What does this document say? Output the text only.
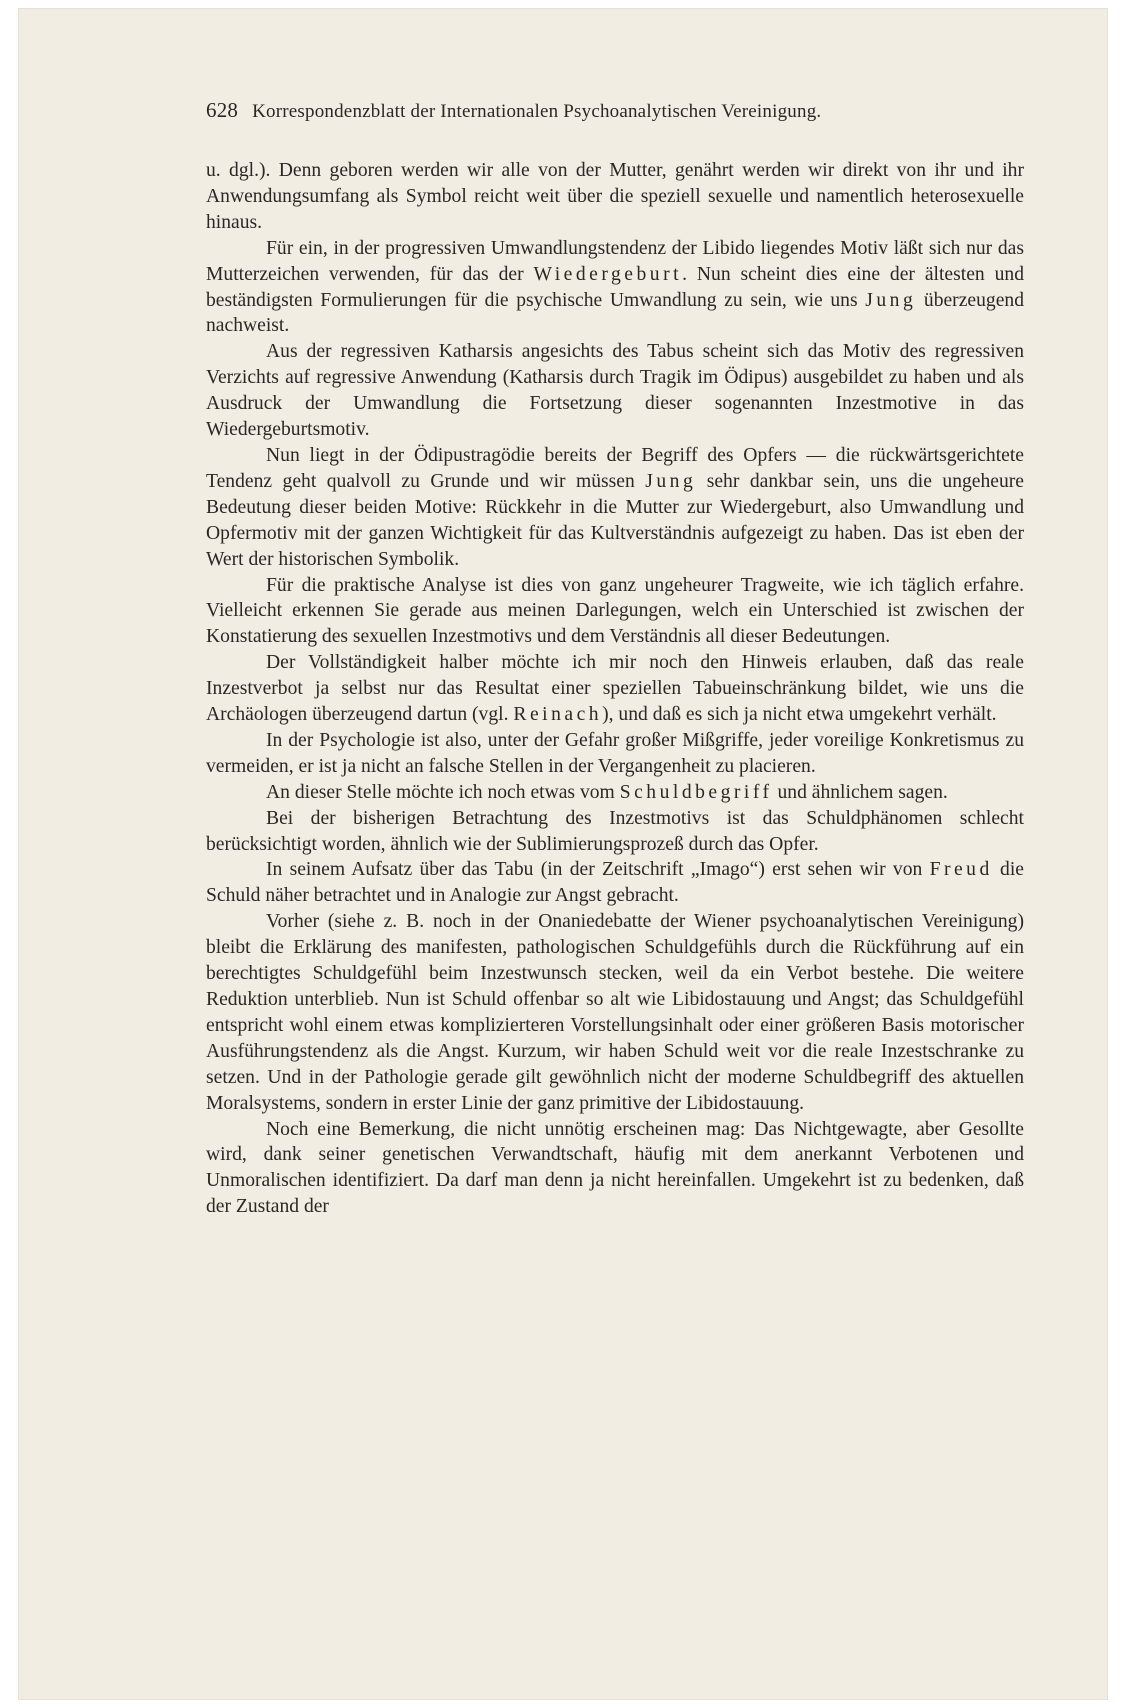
628 Korrespondenzblatt der Internationalen Psychoanalytischen Vereinigung.

u. dgl.). Denn geboren werden wir alle von der Mutter, genährt werden wir direkt von ihr und ihr Anwendungsumfang als Symbol reicht weit über die speziell sexuelle und namentlich heterosexuelle hinaus.

Für ein, in der progressiven Umwandlungstendenz der Libido liegendes Motiv läßt sich nur das Mutterzeichen verwenden, für das der Wiedergeburt. Nun scheint dies eine der ältesten und beständigsten Formulierungen für die psychische Umwandlung zu sein, wie uns Jung überzeugend nachweist.

Aus der regressiven Katharsis angesichts des Tabus scheint sich das Motiv des regressiven Verzichts auf regressive Anwendung (Katharsis durch Tragik im Ödipus) ausgebildet zu haben und als Ausdruck der Umwandlung die Fortsetzung dieser sogenannten Inzestmotive in das Wiedergeburtsmotiv.

Nun liegt in der Ödipustragödie bereits der Begriff des Opfers — die rückwärtsgerichtete Tendenz geht qualvoll zu Grunde und wir müssen Jung sehr dankbar sein, uns die ungeheure Bedeutung dieser beiden Motive: Rückkehr in die Mutter zur Wiedergeburt, also Umwandlung und Opfermotiv mit der ganzen Wichtigkeit für das Kultverständnis aufgezeigt zu haben. Das ist eben der Wert der historischen Symbolik.

Für die praktische Analyse ist dies von ganz ungeheurer Tragweite, wie ich täglich erfahre. Vielleicht erkennen Sie gerade aus meinen Darlegungen, welch ein Unterschied ist zwischen der Konstatierung des sexuellen Inzestmotivs und dem Verständnis all dieser Bedeutungen.

Der Vollständigkeit halber möchte ich mir noch den Hinweis erlauben, daß das reale Inzestverbot ja selbst nur das Resultat einer speziellen Tabueinschränkung bildet, wie uns die Archäologen überzeugend dartun (vgl. Reinach), und daß es sich ja nicht etwa umgekehrt verhält.

In der Psychologie ist also, unter der Gefahr großer Mißgriffe, jeder voreilige Konkretismus zu vermeiden, er ist ja nicht an falsche Stellen in der Vergangenheit zu placieren.

An dieser Stelle möchte ich noch etwas vom Schuldbegriff und ähnlichem sagen.

Bei der bisherigen Betrachtung des Inzestmotivs ist das Schuldphänomen schlecht berücksichtigt worden, ähnlich wie der Sublimierungsprozeß durch das Opfer.

In seinem Aufsatz über das Tabu (in der Zeitschrift „Imago“) erst sehen wir von Freud die Schuld näher betrachtet und in Analogie zur Angst gebracht.

Vorher (siehe z. B. noch in der Onaniedebatte der Wiener psychoanalytischen Vereinigung) bleibt die Erklärung des manifesten, pathologischen Schuldgefühls durch die Rückführung auf ein berechtigtes Schuldgefühl beim Inzestwunsch stecken, weil da ein Verbot bestehe. Die weitere Reduktion unterblieb. Nun ist Schuld offenbar so alt wie Libidostauung und Angst; das Schuldgefühl entspricht wohl einem etwas komplizierteren Vorstellungsinhalt oder einer größeren Basis motorischer Ausführungstendenz als die Angst. Kurzum, wir haben Schuld weit vor die reale Inzestschranke zu setzen. Und in der Pathologie gerade gilt gewöhnlich nicht der moderne Schuldbegriff des aktuellen Moralsystems, sondern in erster Linie der ganz primitive der Libidostauung.

Noch eine Bemerkung, die nicht unnötig erscheinen mag: Das Nichtgewagte, aber Gesollte wird, dank seiner genetischen Verwandtschaft, häufig mit dem anerkannt Verbotenen und Unmoralischen identifiziert. Da darf man denn ja nicht hereinfallen. Umgekehrt ist zu bedenken, daß der Zustand der
